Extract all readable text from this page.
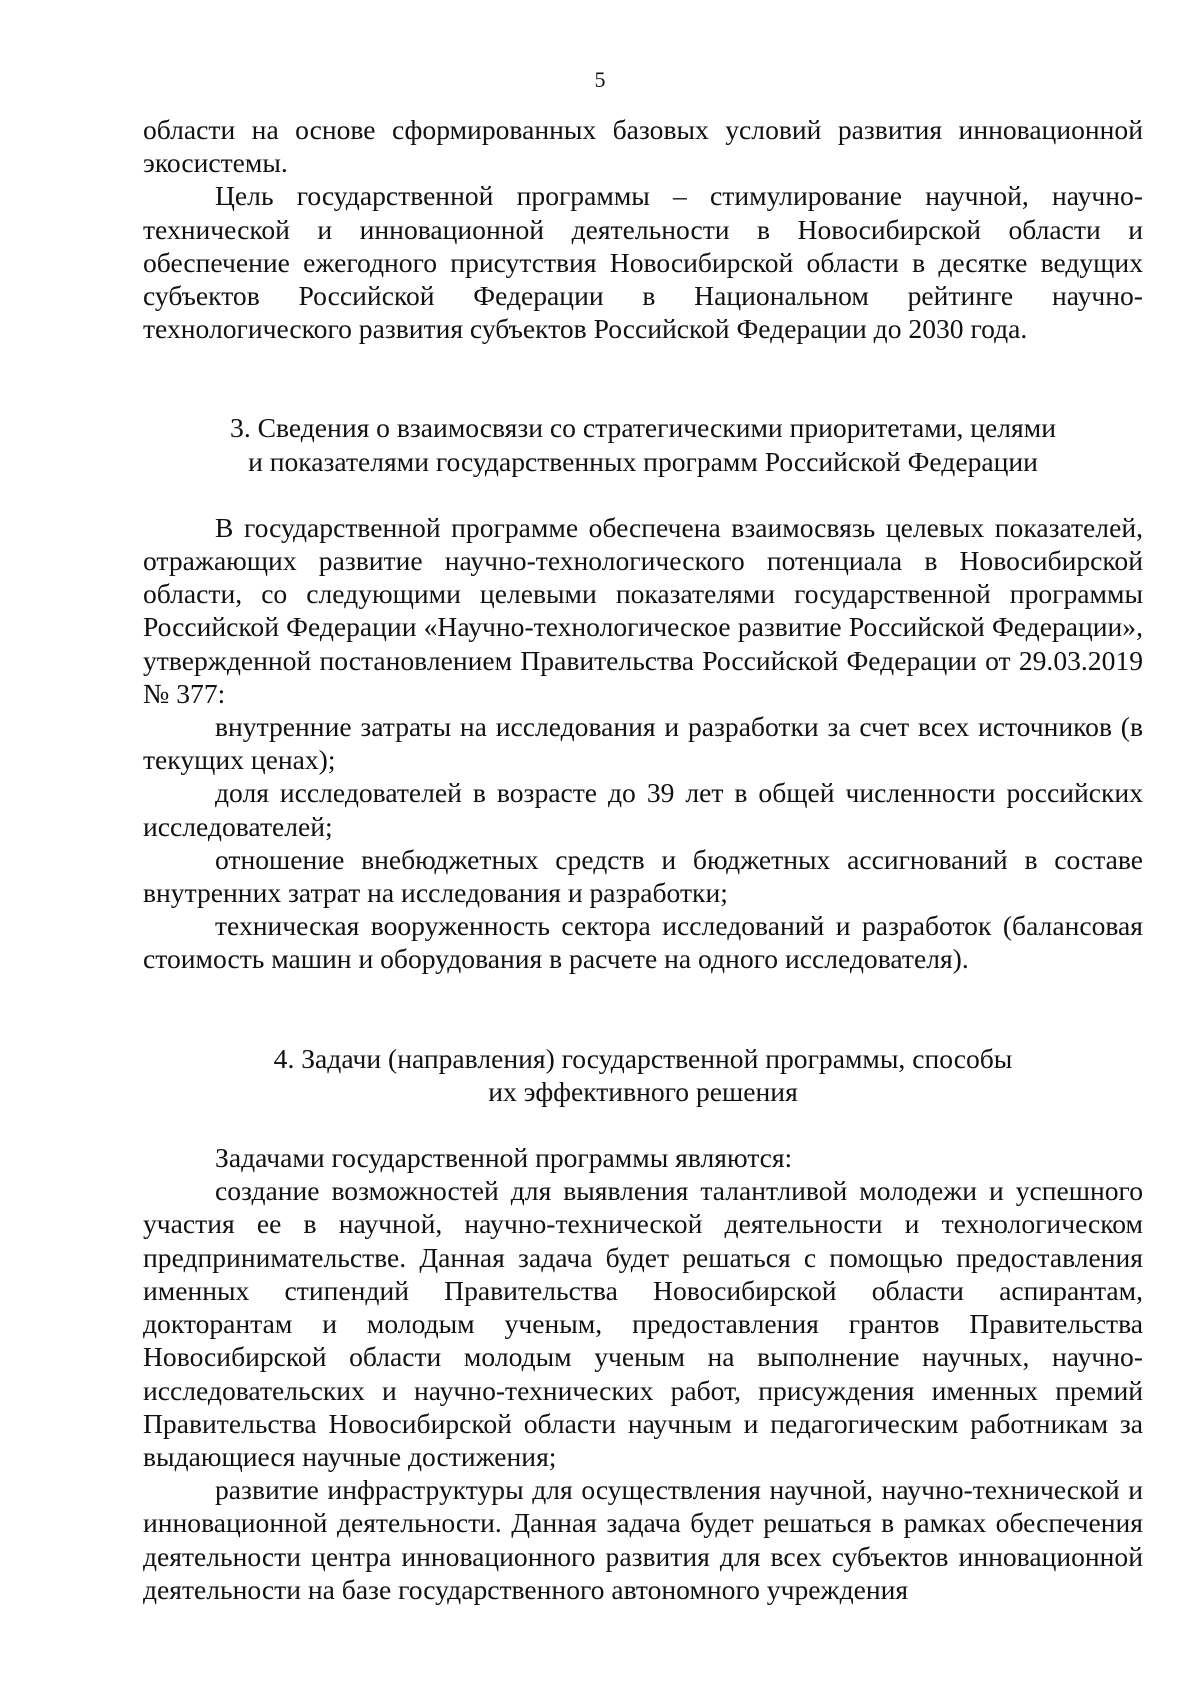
5

области на основе сформированных базовых условий развития инновационной экосистемы.

Цель государственной программы – стимулирование научной, научно-технической и инновационной деятельности в Новосибирской области и обеспечение ежегодного присутствия Новосибирской области в десятке ведущих субъектов Российской Федерации в Национальном рейтинге научно-технологического развития субъектов Российской Федерации до 2030 года.

3. Сведения о взаимосвязи со стратегическими приоритетами, целями
и показателями государственных программ Российской Федерации

В государственной программе обеспечена взаимосвязь целевых показателей, отражающих развитие научно-технологического потенциала в Новосибирской области, со следующими целевыми показателями государственной программы Российской Федерации «Научно-технологическое развитие Российской Федерации», утвержденной постановлением Правительства Российской Федерации от 29.03.2019 № 377:

внутренние затраты на исследования и разработки за счет всех источников (в текущих ценах);

доля исследователей в возрасте до 39 лет в общей численности российских исследователей;

отношение внебюджетных средств и бюджетных ассигнований в составе внутренних затрат на исследования и разработки;

техническая вооруженность сектора исследований и разработок (балансовая стоимость машин и оборудования в расчете на одного исследователя).

4. Задачи (направления) государственной программы, способы
их эффективного решения

Задачами государственной программы являются:

создание возможностей для выявления талантливой молодежи и успешного участия ее в научной, научно-технической деятельности и технологическом предпринимательстве. Данная задача будет решаться с помощью предоставления именных стипендий Правительства Новосибирской области аспирантам, докторантам и молодым ученым, предоставления грантов Правительства Новосибирской области молодым ученым на выполнение научных, научно-исследовательских и научно-технических работ, присуждения именных премий Правительства Новосибирской области научным и педагогическим работникам за выдающиеся научные достижения;

развитие инфраструктуры для осуществления научной, научно-технической и инновационной деятельности. Данная задача будет решаться в рамках обеспечения деятельности центра инновационного развития для всех субъектов инновационной деятельности на базе государственного автономного учреждения
